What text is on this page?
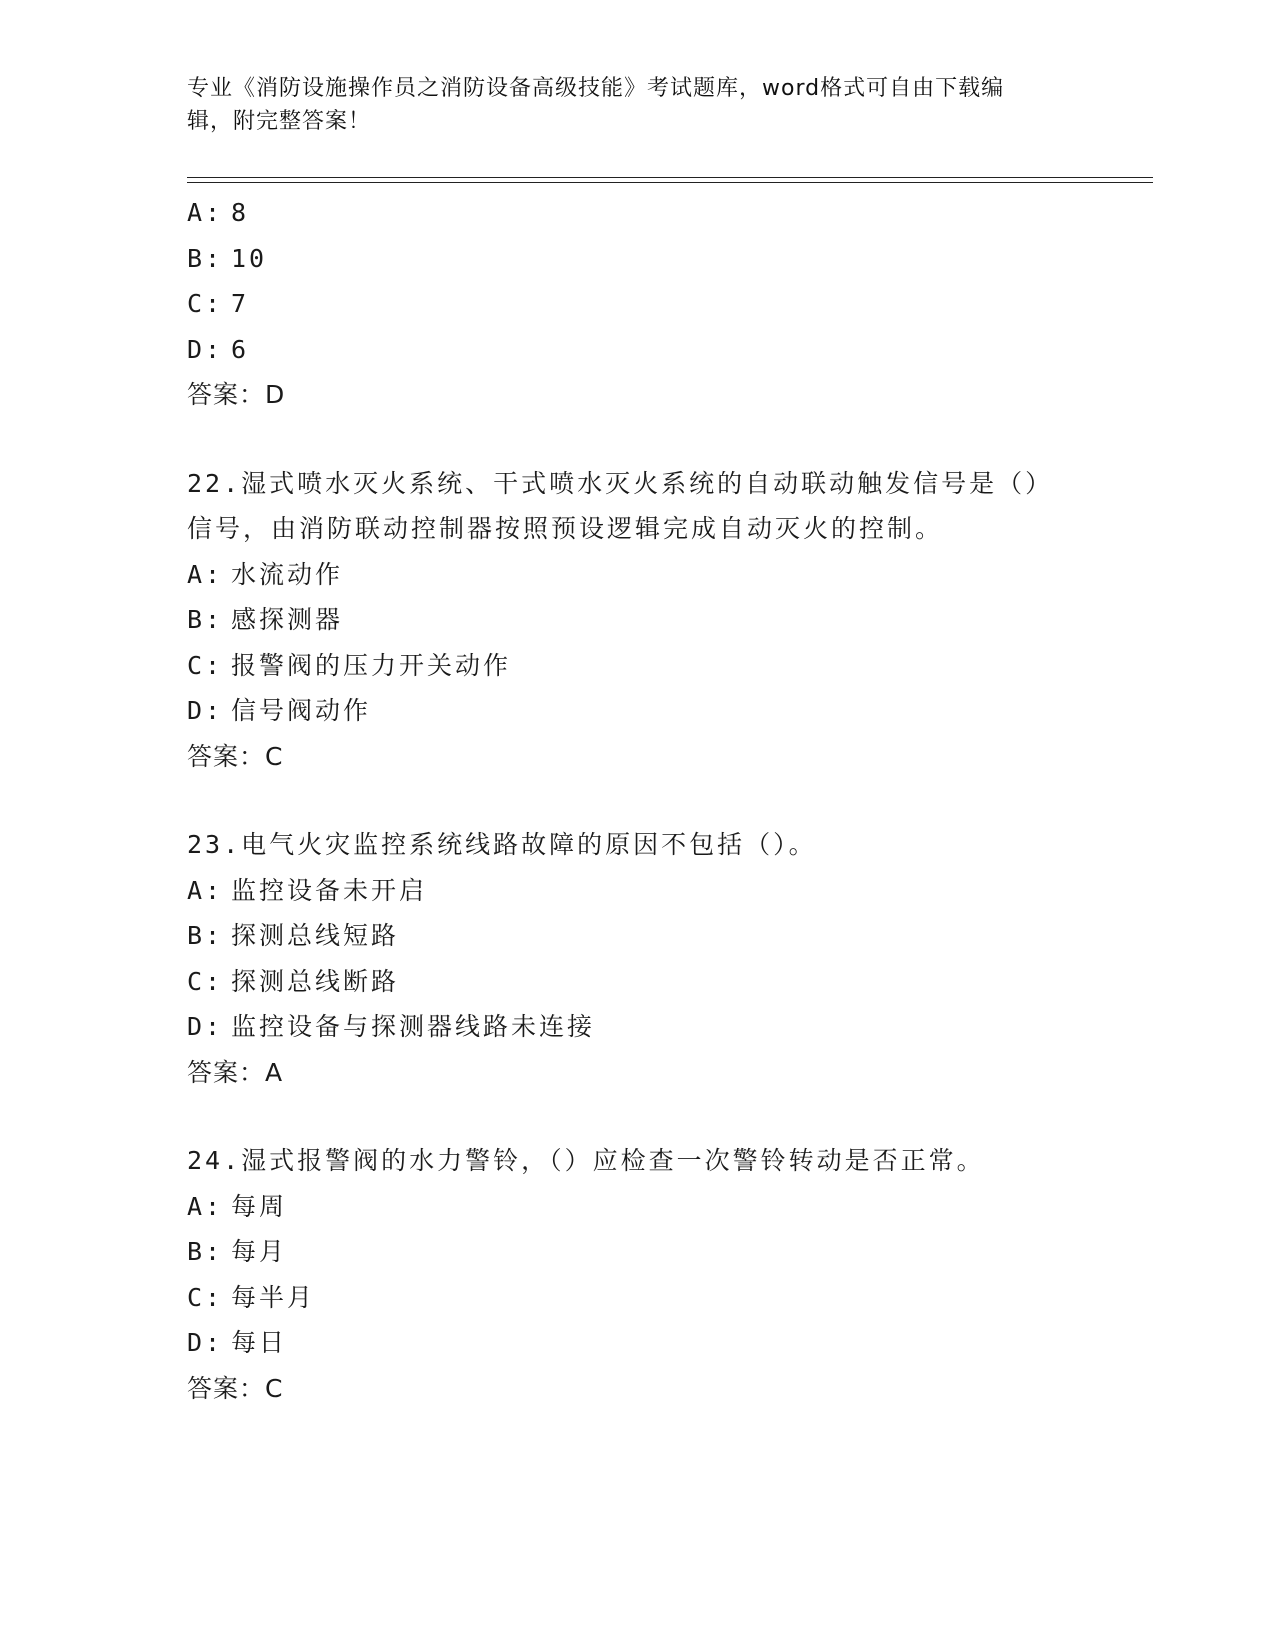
专业《消防设施操作员之消防设备高级技能》考试题库，word格式可自由下载编
辑，附完整答案！
A: 8
B: 10
C: 7
D: 6
答案：D
22.湿式喷水灭火系统、干式喷水灭火系统的自动联动触发信号是（）
信号，由消防联动控制器按照预设逻辑完成自动灭火的控制。
A: 水流动作
B: 感探测器
C: 报警阀的压力开关动作
D: 信号阀动作
答案：C
23.电气火灾监控系统线路故障的原因不包括（）。
A: 监控设备未开启
B: 探测总线短路
C: 探测总线断路
D: 监控设备与探测器线路未连接
答案：A
24.湿式报警阀的水力警铃，（）应检查一次警铃转动是否正常。
A: 每周
B: 每月
C: 每半月
D: 每日
答案：C
